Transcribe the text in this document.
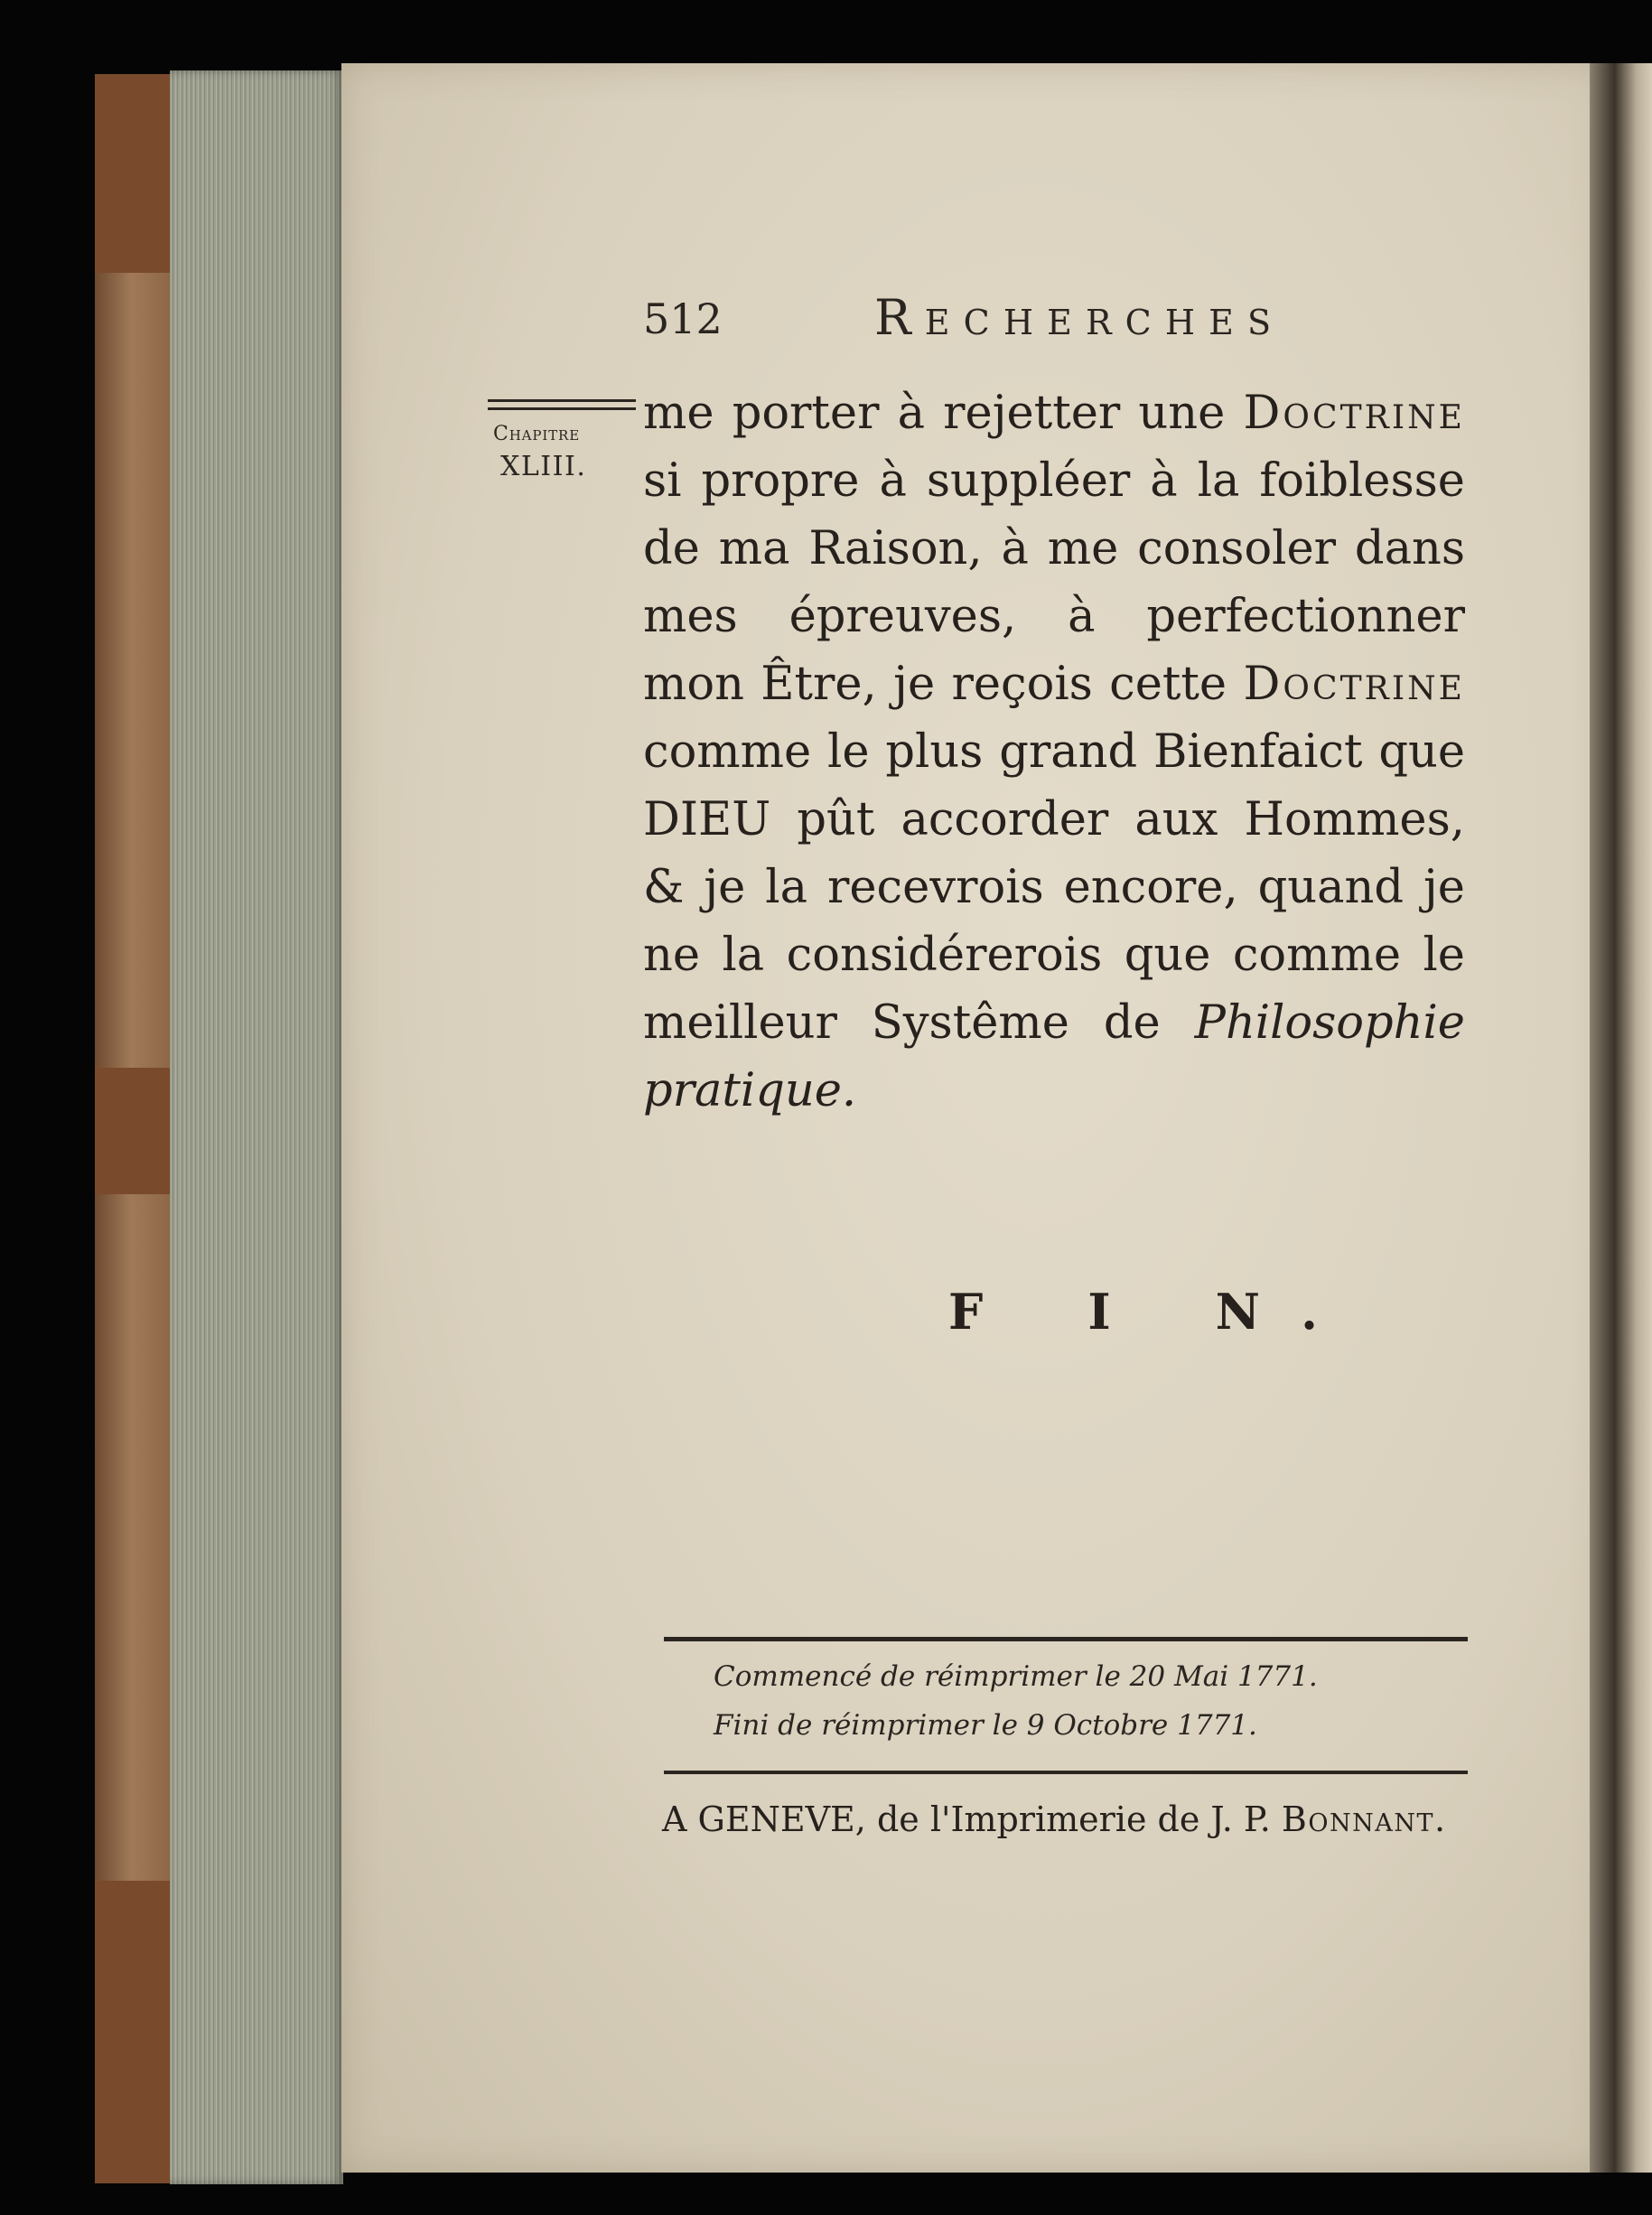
512	Recherches
Chapitre
XLIII.
me porter à rejetter une Doctrine si propre à suppléer à la foiblesse de ma Raison, à me consoler dans mes épreuves, à perfectionner mon Être, je reçois cette Doctrine comme le plus grand Bienfaict que DIEU pût accorder aux Hommes, & je la recevrois encore, quand je ne la considérerois que comme le meilleur Systême de Philosophie pratique.
F I N.
Commencé de réimprimer le 20 Mai 1771.
Fini de réimprimer le 9 Octobre 1771.
A GENEVE, de l'Imprimerie de J. P. Bonnant.
